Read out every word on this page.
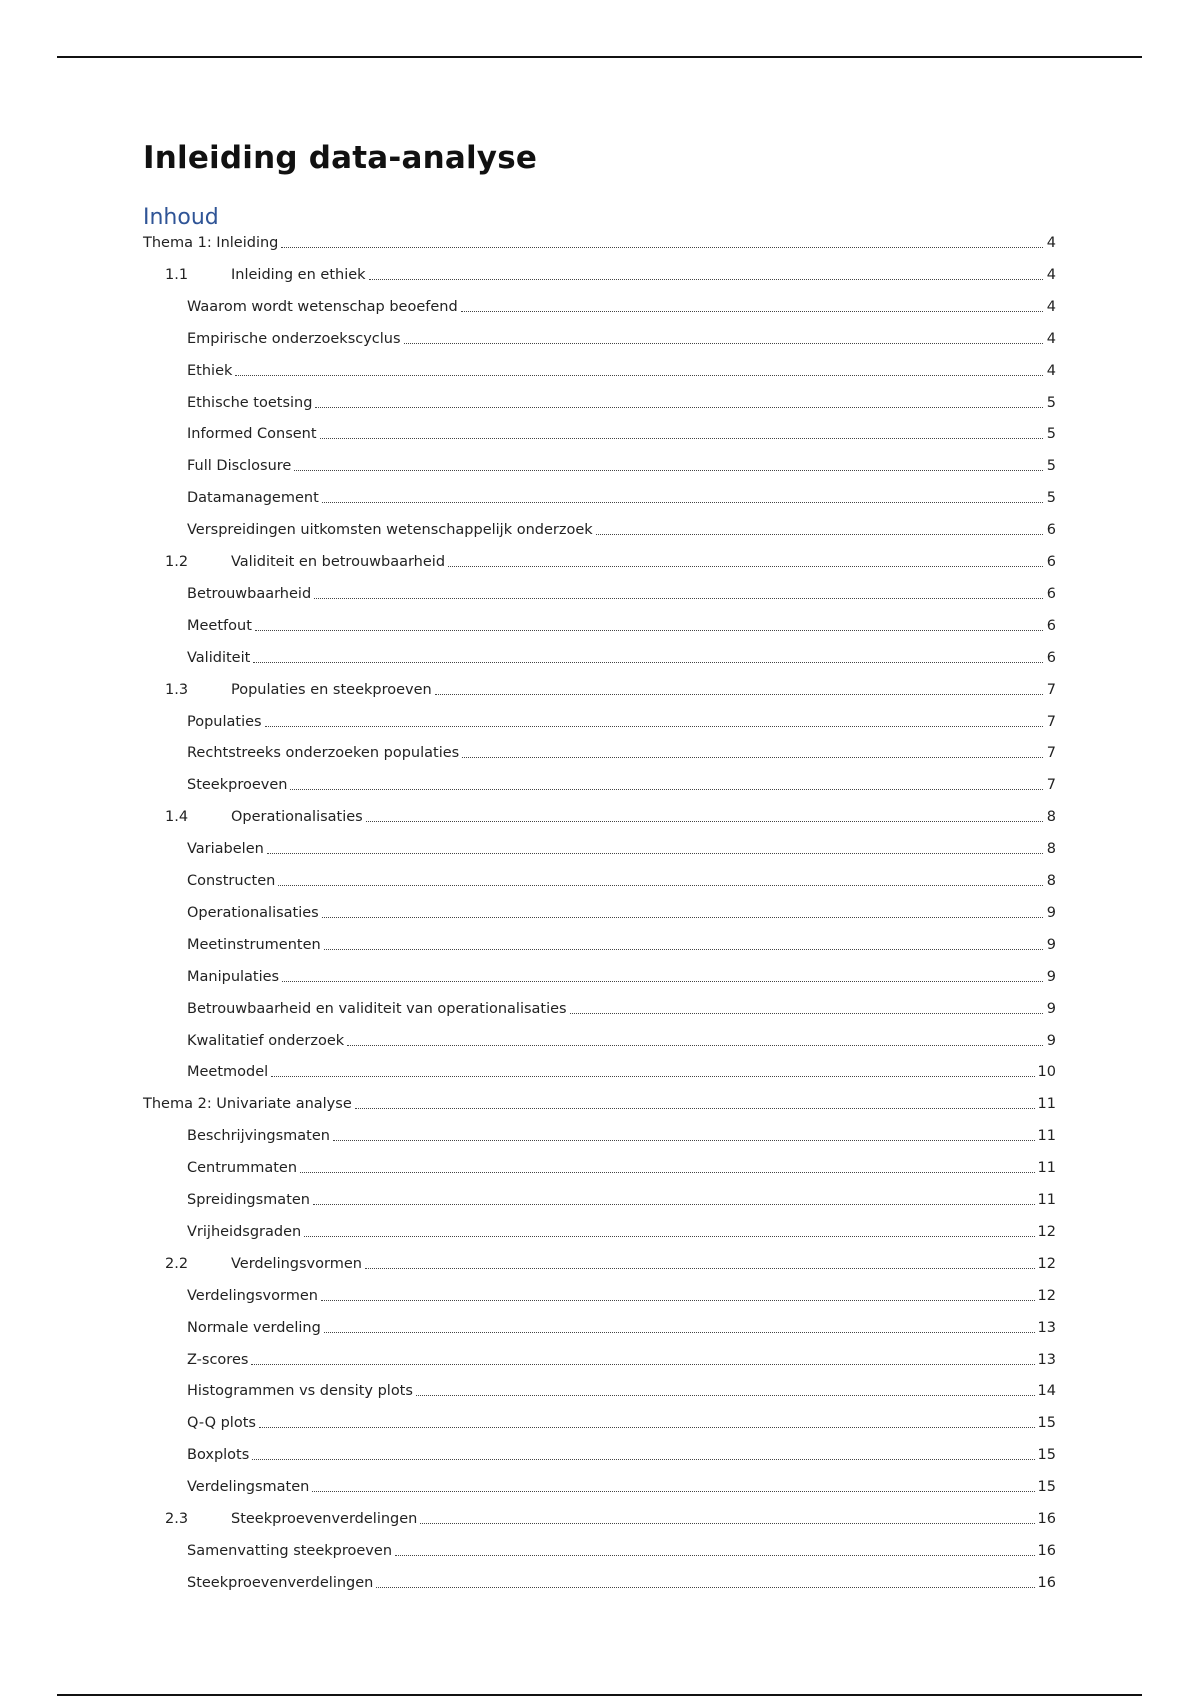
Inleiding data-analyse
Inhoud
Thema 1: Inleiding	4
1.1	Inleiding en ethiek	4
Waarom wordt wetenschap beoefend	4
Empirische onderzoekscyclus	4
Ethiek	4
Ethische toetsing	5
Informed Consent	5
Full Disclosure	5
Datamanagement	5
Verspreidingen uitkomsten wetenschappelijk onderzoek	6
1.2	Validiteit en betrouwbaarheid	6
Betrouwbaarheid	6
Meetfout	6
Validiteit	6
1.3	Populaties en steekproeven	7
Populaties	7
Rechtstreeks onderzoeken populaties	7
Steekproeven	7
1.4	Operationalisaties	8
Variabelen	8
Constructen	8
Operationalisaties	9
Meetinstrumenten	9
Manipulaties	9
Betrouwbaarheid en validiteit van operationalisaties	9
Kwalitatief onderzoek	9
Meetmodel	10
Thema 2: Univariate analyse	11
Beschrijvingsmaten	11
Centrummaten	11
Spreidingsmaten	11
Vrijheidsgraden	12
2.2	Verdelingsvormen	12
Verdelingsvormen	12
Normale verdeling	13
Z-scores	13
Histogrammen vs density plots	14
Q-Q plots	15
Boxplots	15
Verdelingsmaten	15
2.3	Steekproevenverdelingen	16
Samenvatting steekproeven	16
Steekproevenverdelingen	16
